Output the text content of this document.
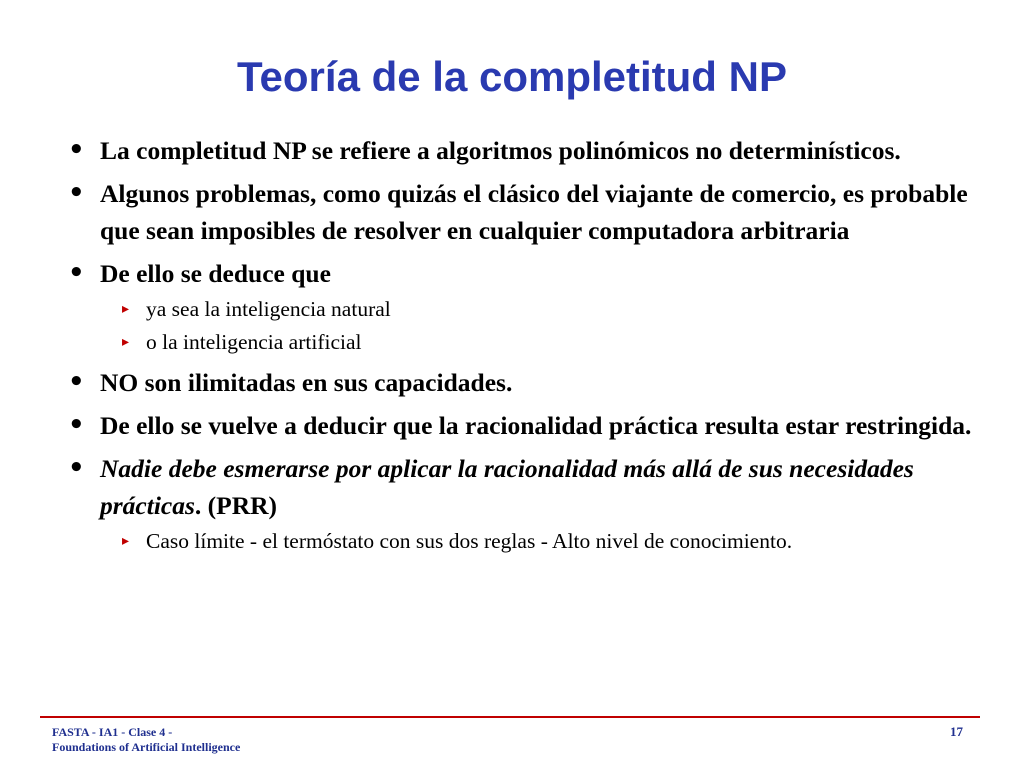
Teoría de la completitud NP
• La completitud NP se refiere a algoritmos polinómicos no determinísticos.
• Algunos problemas, como quizás el clásico del viajante de comercio, es probable que sean imposibles de resolver en cualquier computadora arbitraria
• De ello se deduce que
▸ ya sea la inteligencia natural
▸ o la inteligencia artificial
• NO son ilimitadas en sus capacidades.
• De ello se vuelve a deducir que la racionalidad práctica resulta estar restringida.
• Nadie debe esmerarse por aplicar la racionalidad más allá de sus necesidades prácticas. (PRR)
▸ Caso límite - el termóstato con sus dos reglas - Alto nivel de conocimiento.
FASTA - IA1 - Clase 4 -
Foundations of Artificial Intelligence
17
